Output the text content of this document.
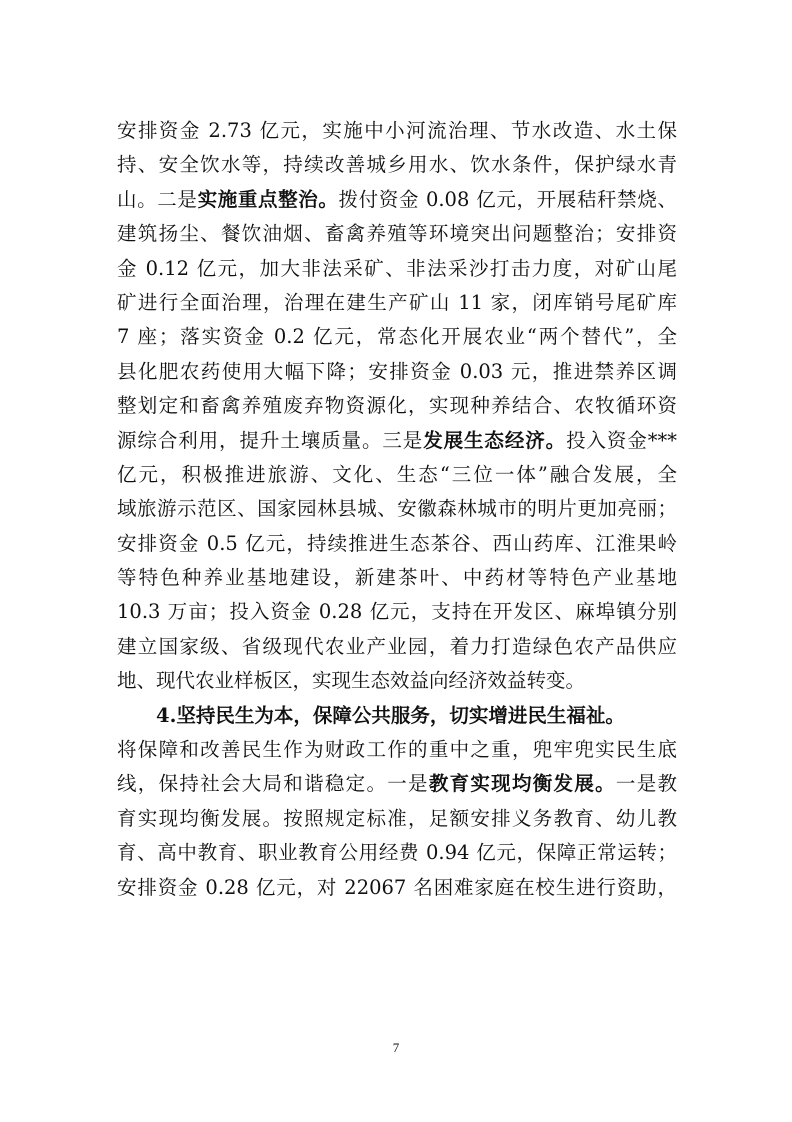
安排资金 2.73 亿元，实施中小河流治理、节水改造、水土保
持、安全饮水等，持续改善城乡用水、饮水条件，保护绿水青
山。二是实施重点整治。拨付资金 0.08 亿元，开展秸秆禁烧、
建筑扬尘、餐饮油烟、畜禽养殖等环境突出问题整治；安排资
金 0.12 亿元，加大非法采矿、非法采沙打击力度，对矿山尾
矿进行全面治理，治理在建生产矿山 11 家，闭库销号尾矿库
7 座；落实资金 0.2 亿元，常态化开展农业“两个替代”，全
县化肥农药使用大幅下降；安排资金 0.03 元，推进禁养区调
整划定和畜禽养殖废弃物资源化，实现种养结合、农牧循环资
源综合利用，提升土壤质量。三是发展生态经济。投入资金***
亿元，积极推进旅游、文化、生态“三位一体”融合发展，全
域旅游示范区、国家园林县城、安徽森林城市的明片更加亮丽；
安排资金 0.5 亿元，持续推进生态茶谷、西山药库、江淮果岭
等特色种养业基地建设，新建茶叶、中药材等特色产业基地
10.3 万亩；投入资金 0.28 亿元，支持在开发区、麻埠镇分别
建立国家级、省级现代农业产业园，着力打造绿色农产品供应
地、现代农业样板区，实现生态效益向经济效益转变。
4.坚持民生为本，保障公共服务，切实增进民生福祉。
将保障和改善民生作为财政工作的重中之重，兜牢兜实民生底
线，保持社会大局和谐稳定。一是教育实现均衡发展。一是教
育实现均衡发展。按照规定标准，足额安排义务教育、幼儿教
育、高中教育、职业教育公用经费 0.94 亿元，保障正常运转；
安排资金 0.28 亿元，对 22067 名困难家庭在校生进行资助，
7
